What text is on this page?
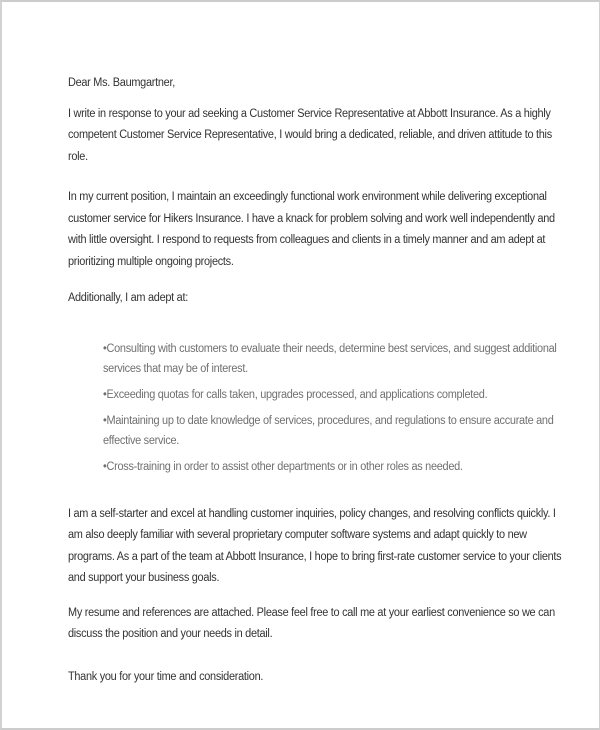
Dear Ms. Baumgartner,
I write in response to your ad seeking a Customer Service Representative at Abbott Insurance. As a highly
competent Customer Service Representative, I would bring a dedicated, reliable, and driven attitude to this
role.
In my current position, I maintain an exceedingly functional work environment while delivering exceptional
customer service for Hikers Insurance. I have a knack for problem solving and work well independently and
with little oversight. I respond to requests from colleagues and clients in a timely manner and am adept at
prioritizing multiple ongoing projects.
Additionally, I am adept at:
•Consulting with customers to evaluate their needs, determine best services, and suggest additional
services that may be of interest.
•Exceeding quotas for calls taken, upgrades processed, and applications completed.
•Maintaining up to date knowledge of services, procedures, and regulations to ensure accurate and
effective service.
•Cross-training in order to assist other departments or in other roles as needed.
I am a self-starter and excel at handling customer inquiries, policy changes, and resolving conflicts quickly. I
am also deeply familiar with several proprietary computer software systems and adapt quickly to new
programs. As a part of the team at Abbott Insurance, I hope to bring first-rate customer service to your clients
and support your business goals.
My resume and references are attached. Please feel free to call me at your earliest convenience so we can
discuss the position and your needs in detail.
Thank you for your time and consideration.
